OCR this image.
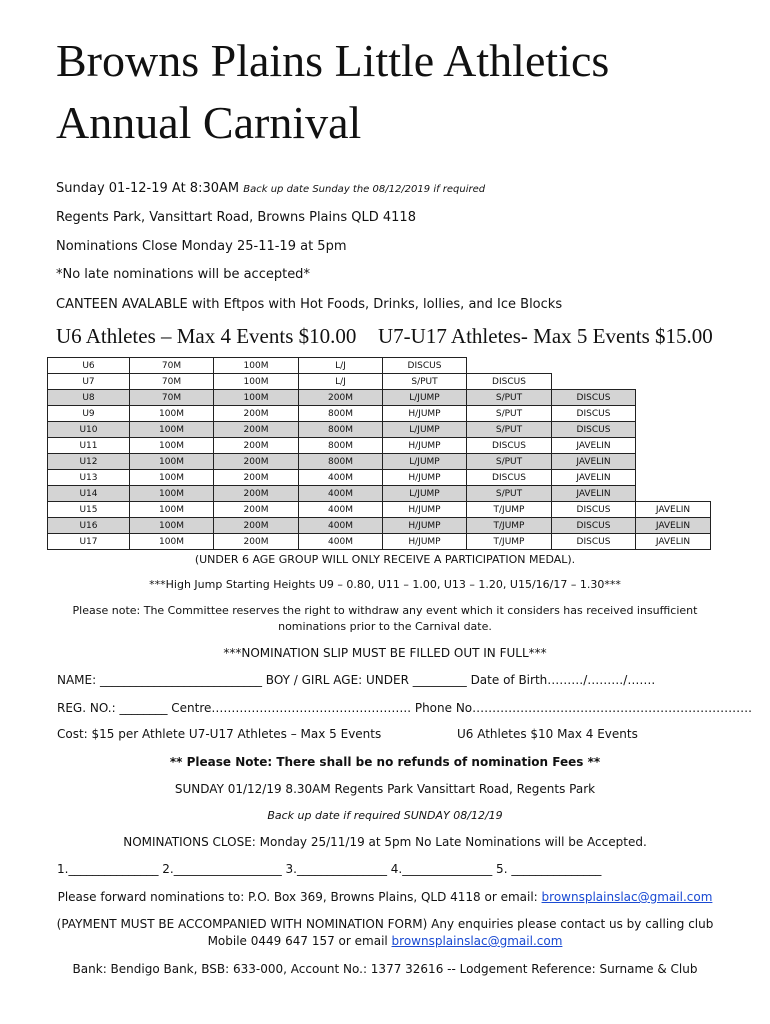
Browns Plains Little Athletics Annual Carnival
Sunday 01-12-19 At 8:30AM Back up date Sunday the 08/12/2019 if required
Regents Park, Vansittart Road, Browns Plains QLD 4118
Nominations Close Monday 25-11-19 at 5pm
*No late nominations will be accepted*
CANTEEN AVALABLE with Eftpos with Hot Foods, Drinks, lollies, and Ice Blocks
U6 Athletes – Max 4 Events $10.00 U7-U17 Athletes- Max 5 Events $15.00
U6	70M	100M	L/J	DISCUS			
U7	70M	100M	L/J	S/PUT	DISCUS		
U8	70M	100M	200M	L/JUMP	S/PUT	DISCUS	
U9	100M	200M	800M	H/JUMP	S/PUT	DISCUS	
U10	100M	200M	800M	L/JUMP	S/PUT	DISCUS	
U11	100M	200M	800M	H/JUMP	DISCUS	JAVELIN	
U12	100M	200M	800M	L/JUMP	S/PUT	JAVELIN	
U13	100M	200M	400M	H/JUMP	DISCUS	JAVELIN	
U14	100M	200M	400M	L/JUMP	S/PUT	JAVELIN	
U15	100M	200M	400M	H/JUMP	T/JUMP	DISCUS	JAVELIN
U16	100M	200M	400M	H/JUMP	T/JUMP	DISCUS	JAVELIN
U17	100M	200M	400M	H/JUMP	T/JUMP	DISCUS	JAVELIN
(UNDER 6 AGE GROUP WILL ONLY RECEIVE A PARTICIPATION MEDAL).
***High Jump Starting Heights U9 – 0.80, U11 – 1.00, U13 – 1.20, U15/16/17 – 1.30***
Please note: The Committee reserves the right to withdraw any event which it considers has received insufficient
nominations prior to the Carnival date.
***NOMINATION SLIP MUST BE FILLED OUT IN FULL***
NAME: ___________________________ BOY / GIRL AGE: UNDER _________ Date of Birth………/………/…….
REG. NO.: ________ Centre………………………………………….. Phone No…………………………………………………………….
Cost: $15 per Athlete U7-U17 Athletes – Max 5 Events	U6 Athletes $10 Max 4 Events
** Please Note: There shall be no refunds of nomination Fees **
SUNDAY 01/12/19 8.30AM Regents Park Vansittart Road, Regents Park
Back up date if required SUNDAY 08/12/19
NOMINATIONS CLOSE: Monday 25/11/19 at 5pm No Late Nominations will be Accepted.
1._______________ 2.__________________ 3._______________ 4._______________ 5. _______________
Please forward nominations to: P.O. Box 369, Browns Plains, QLD 4118 or email: brownsplainslac@gmail.com
(PAYMENT MUST BE ACCOMPANIED WITH NOMINATION FORM) Any enquiries please contact us by calling club
Mobile 0449 647 157 or email brownsplainslac@gmail.com
Bank: Bendigo Bank, BSB: 633-000, Account No.: 1377 32616 -- Lodgement Reference: Surname & Club
